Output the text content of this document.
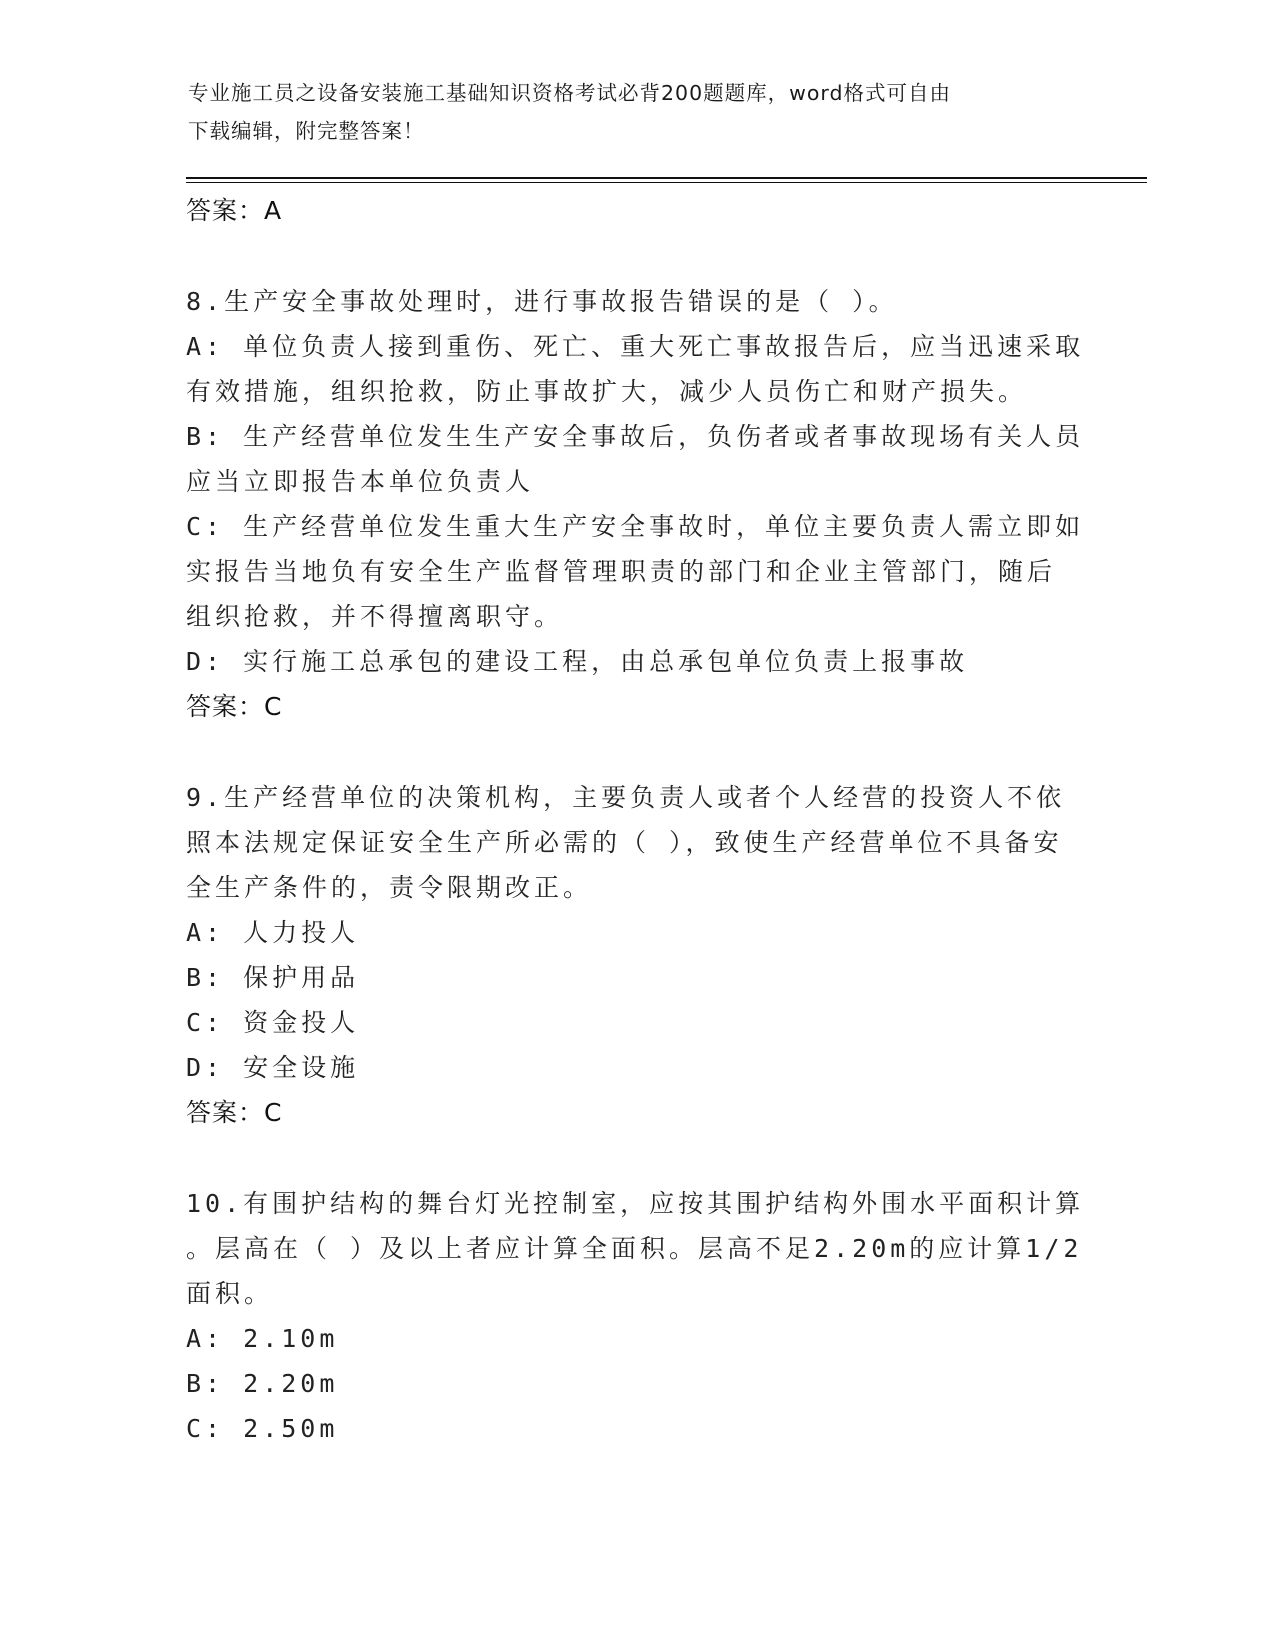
专业施工员之设备安装施工基础知识资格考试必背200题题库，word格式可自由
下载编辑，附完整答案！
答案：A

8.生产安全事故处理时，进行事故报告错误的是（ ）。

A: 单位负责人接到重伤、死亡、重大死亡事故报告后，应当迅速采取

有效措施，组织抢救，防止事故扩大，减少人员伤亡和财产损失。

B: 生产经营单位发生生产安全事故后，负伤者或者事故现场有关人员

应当立即报告本单位负责人

C: 生产经营单位发生重大生产安全事故时，单位主要负责人需立即如

实报告当地负有安全生产监督管理职责的部门和企业主管部门，随后

组织抢救，并不得擅离职守。

D: 实行施工总承包的建设工程，由总承包单位负责上报事故

答案：C

9.生产经营单位的决策机构，主要负责人或者个人经营的投资人不依

照本法规定保证安全生产所必需的（ ），致使生产经营单位不具备安

全生产条件的，责令限期改正。

A: 人力投人

B: 保护用品

C: 资金投人

D: 安全设施

答案：C

10.有围护结构的舞台灯光控制室，应按其围护结构外围水平面积计算

。层高在（ ）及以上者应计算全面积。层高不足2.20m的应计算1/2

面积。

A: 2.10m

B: 2.20m

C: 2.50m
